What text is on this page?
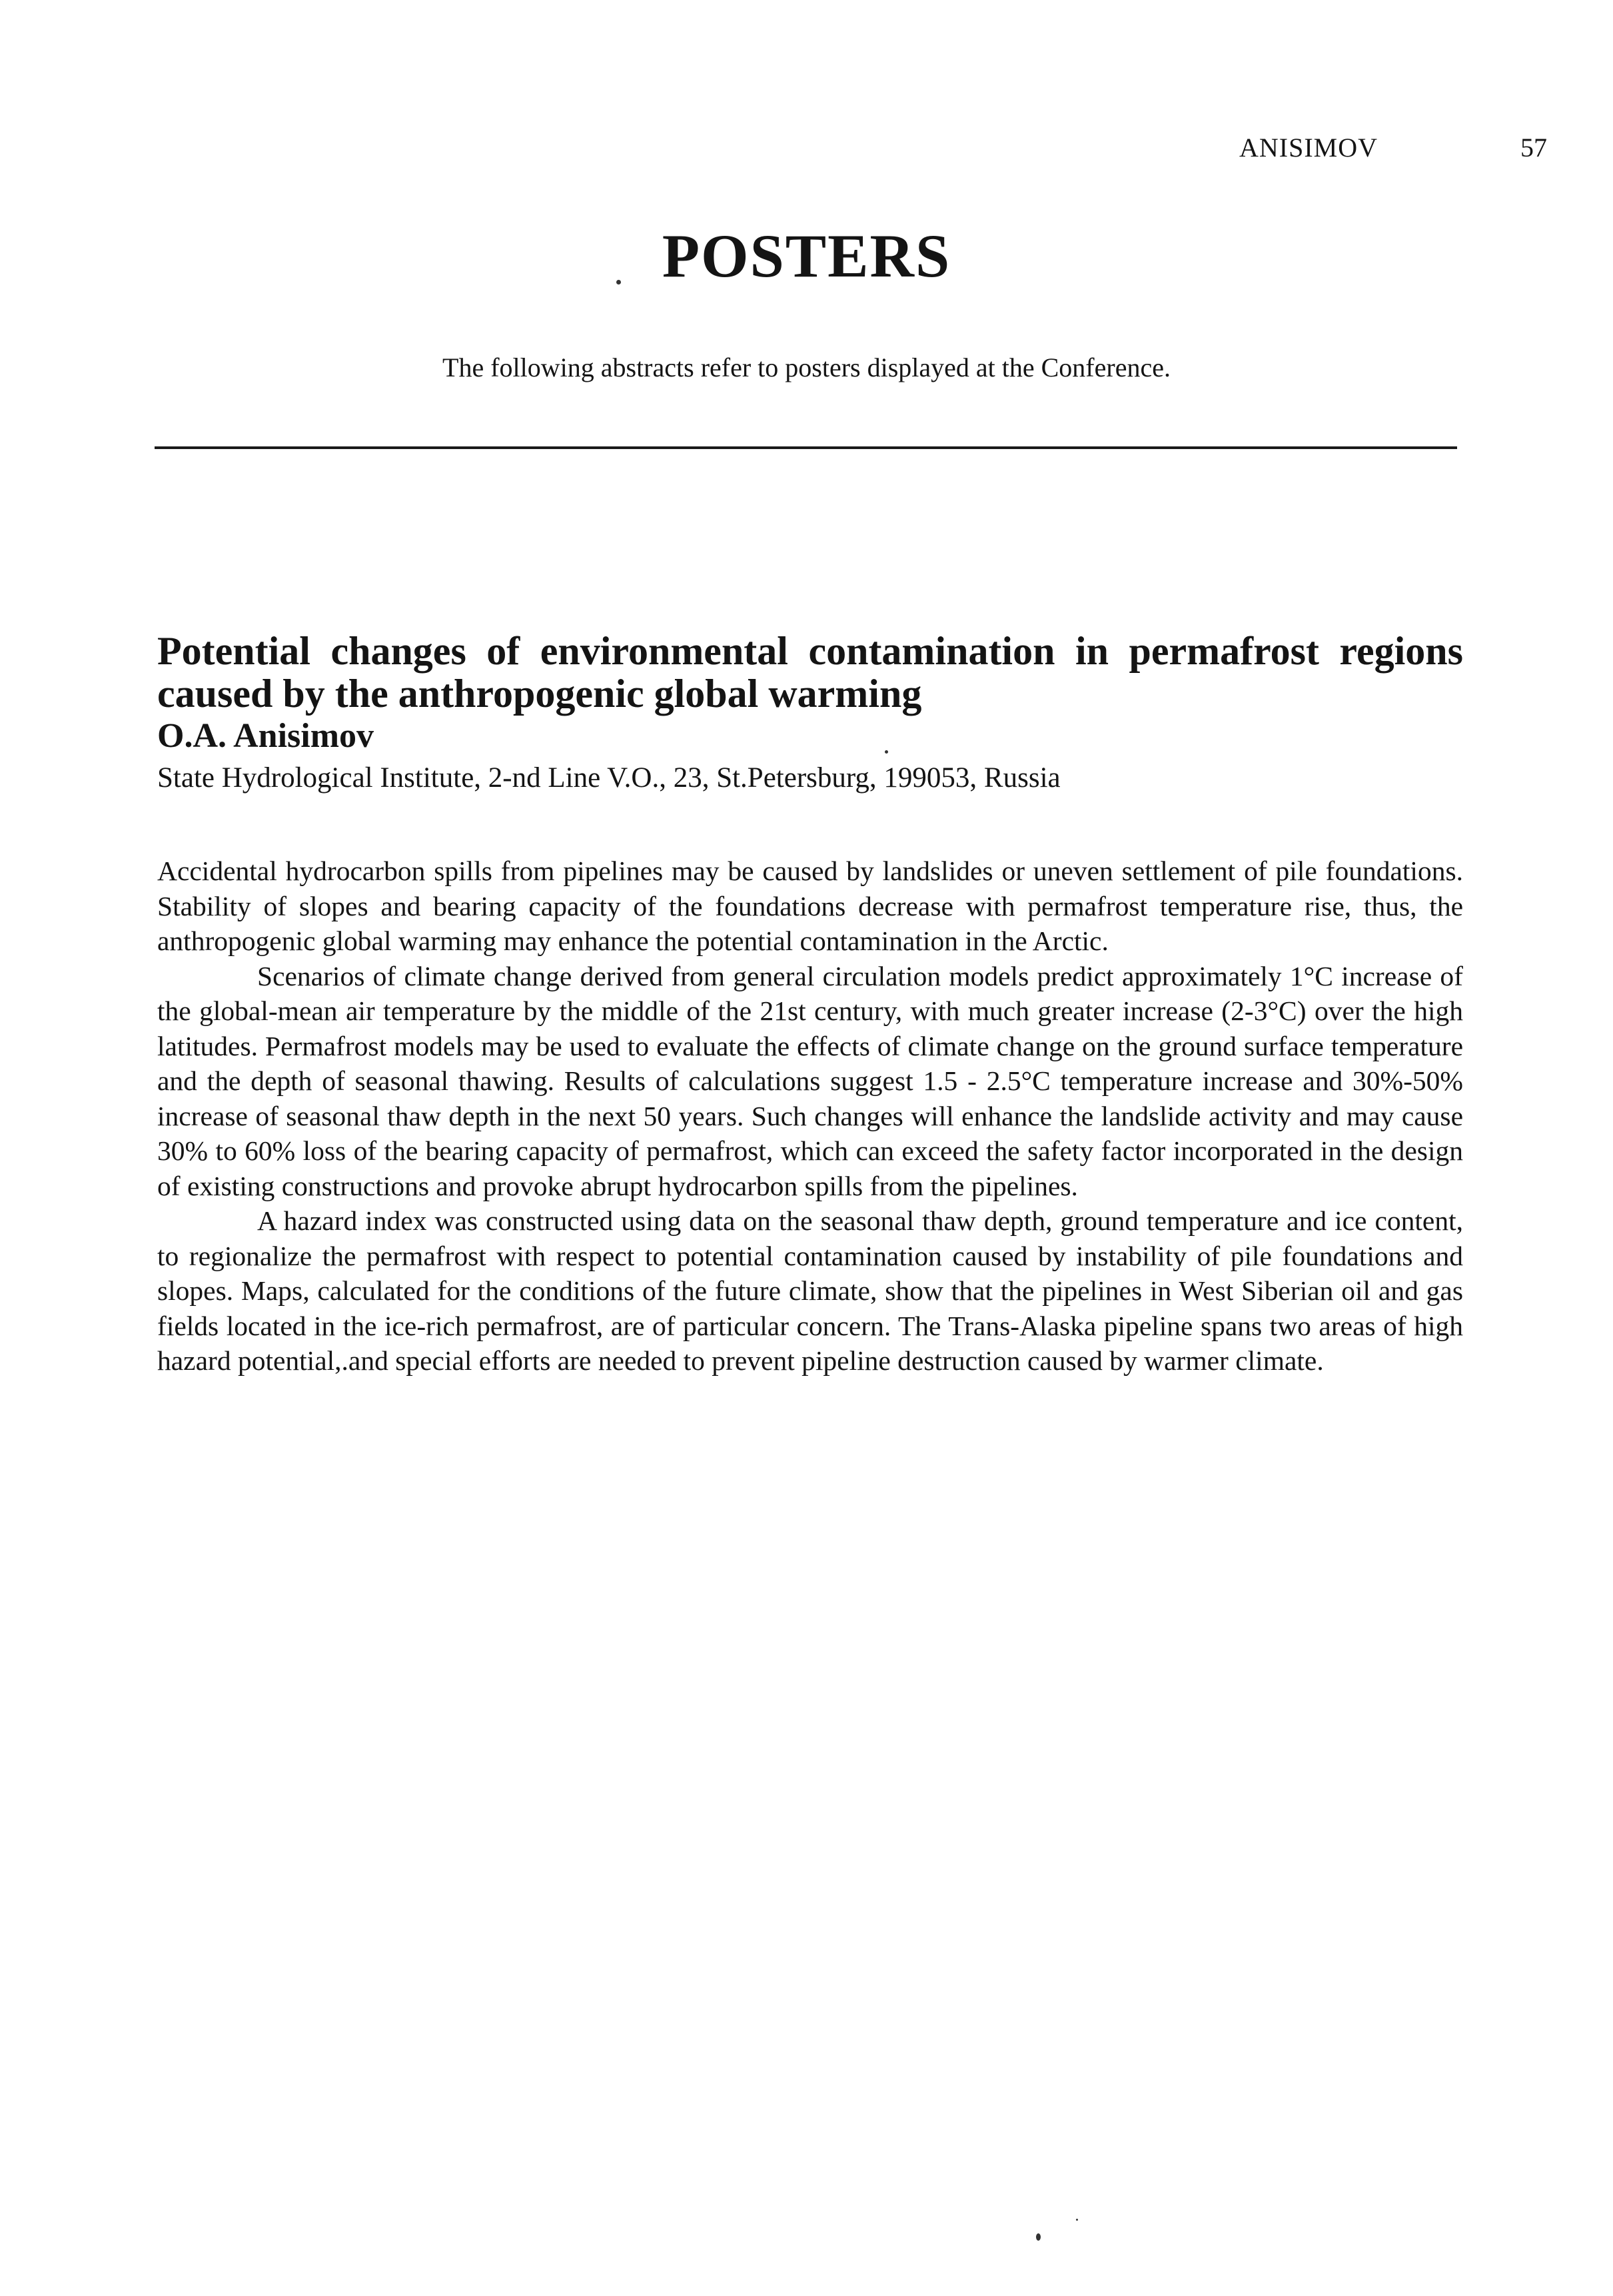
ANISIMOV	57
POSTERS

The following abstracts refer to posters displayed at the Conference.

Potential changes of environmental contamination in permafrost regions caused by the anthropogenic global warming

O.A. Anisimov

State Hydrological Institute, 2-nd Line V.O., 23, St.Petersburg, 199053, Russia

Accidental hydrocarbon spills from pipelines may be caused by landslides or uneven settlement of pile foundations. Stability of slopes and bearing capacity of the foundations decrease with permafrost temperature rise, thus, the anthropogenic global warming may enhance the potential contamination in the Arctic.

Scenarios of climate change derived from general circulation models predict approximately 1°C increase of the global-mean air temperature by the middle of the 21st century, with much greater increase (2-3°C) over the high latitudes. Permafrost models may be used to evaluate the effects of climate change on the ground surface temperature and the depth of seasonal thawing. Results of calculations suggest 1.5 - 2.5°C temperature increase and 30%-50% increase of seasonal thaw depth in the next 50 years. Such changes will enhance the landslide activity and may cause 30% to 60% loss of the bearing capacity of permafrost, which can exceed the safety factor incorporated in the design of existing constructions and provoke abrupt hydrocarbon spills from the pipelines.

A hazard index was constructed using data on the seasonal thaw depth, ground temperature and ice content, to regionalize the permafrost with respect to potential contamination caused by instability of pile foundations and slopes. Maps, calculated for the conditions of the future climate, show that the pipelines in West Siberian oil and gas fields located in the ice-rich permafrost, are of particular concern. The Trans-Alaska pipeline spans two areas of high hazard potential,.and special efforts are needed to prevent pipeline destruction caused by warmer climate.
